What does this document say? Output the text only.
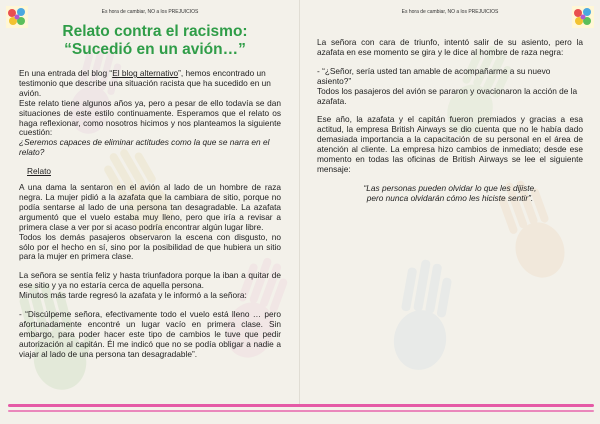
Es hora de cambiar, NO a los PREJUICIOS
Relato contra el racismo:
“Sucedió en un avión…”

En una entrada del blog “El blog alternativo”, hemos encontrado un testimonio que describe una situación racista que ha sucedido en un avión.

Este relato tiene algunos años ya, pero a pesar de ello todavía se dan situaciones de este estilo continuamente. Esperamos que el relato os haga reflexionar, como nosotros hicimos y nos planteamos la siguiente cuestión:

¿Seremos capaces de eliminar actitudes como la que se narra en el relato?

Relato

A una dama la sentaron en el avión al lado de un hombre de raza negra. La mujer pidió a la azafata que la cambiara de sitio, porque no podía sentarse al lado de una persona tan desagradable. La azafata argumentó que el vuelo estaba muy lleno, pero que iría a revisar a primera clase a ver por si acaso podría encontrar algún lugar libre.

Todos los demás pasajeros observaron la escena con disgusto, no sólo por el hecho en sí, sino por la posibilidad de que hubiera un sitio para la mujer en primera clase.

La señora se sentía feliz y hasta triunfadora porque la iban a quitar de ese sitio y ya no estaría cerca de aquella persona.

Minutos más tarde regresó la azafata y le informó a la señora:

- “Discúlpeme señora, efectivamente todo el vuelo está lleno … pero afortunadamente encontré un lugar vacío en primera clase. Sin embargo, para poder hacer este tipo de cambios le tuve que pedir autorización al capitán. Él me indicó que no se podía obligar a nadie a viajar al lado de una persona tan desagradable”.

Es hora de cambiar, NO a los PREJUICIOS

La señora con cara de triunfo, intentó salir de su asiento, pero la azafata en ese momento se gira y le dice al hombre de raza negra:

- “¿Señor, sería usted tan amable de acompañarme a su nuevo asiento?”

Todos los pasajeros del avión se pararon y ovacionaron la acción de la azafata.

Ese año, la azafata y el capitán fueron premiados y gracias a esa actitud, la empresa British Airways se dio cuenta que no le había dado demasiada importancia a la capacitación de su personal en el área de atención al cliente. La empresa hizo cambios de inmediato; desde ese momento en todas las oficinas de British Airways se lee el siguiente mensaje:

“Las personas pueden olvidar lo que les dijiste,
pero nunca olvidarán cómo les hiciste sentir”.
